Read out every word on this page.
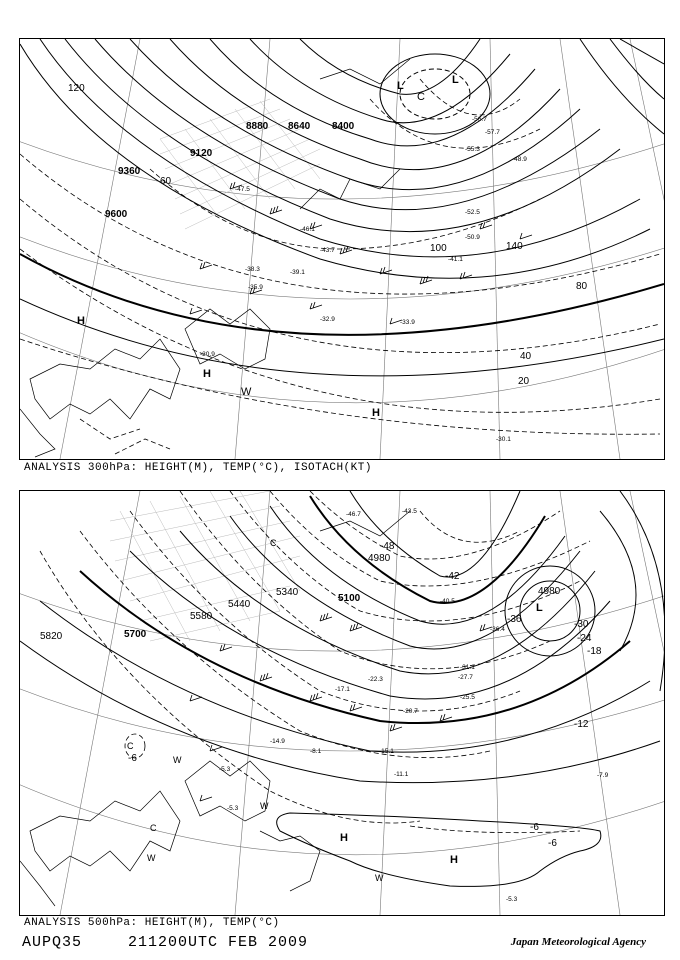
9600
9360
9120
8880 8640 8400
20
40
60
80
100
120
140
H
H
H
L	L
C
W
-57.7
-56.7
-55.3
-52.5
-50.9
-48.9
-47.5
-46.1
-43.7
-41.1
-39.1
-38.3
-35.9
-33.9
-32.9
-30.9
-30.1
ANALYSIS 300hPa: HEIGHT(M), TEMP(°C), ISOTACH(KT)
5820	5700
5580
5440
5340
5100
4980
4980
-48
-42
-36	-30
-24
-18
-12
-6
-6
-6
H
H
L
C
C
C
W
W
W
W
-46.7	-43.5
-40.5
-36.4
-31.1
-27.7
-25.5
-22.3
-20.7
-17.1
-15.1
-14.9
-11.1
-8.1
-7.9
-5.3
-5.3
-5.3
ANALYSIS 500hPa: HEIGHT(M), TEMP(°C)
AUPQ35	211200UTC FEB 2009	Japan Meteorological Agency
